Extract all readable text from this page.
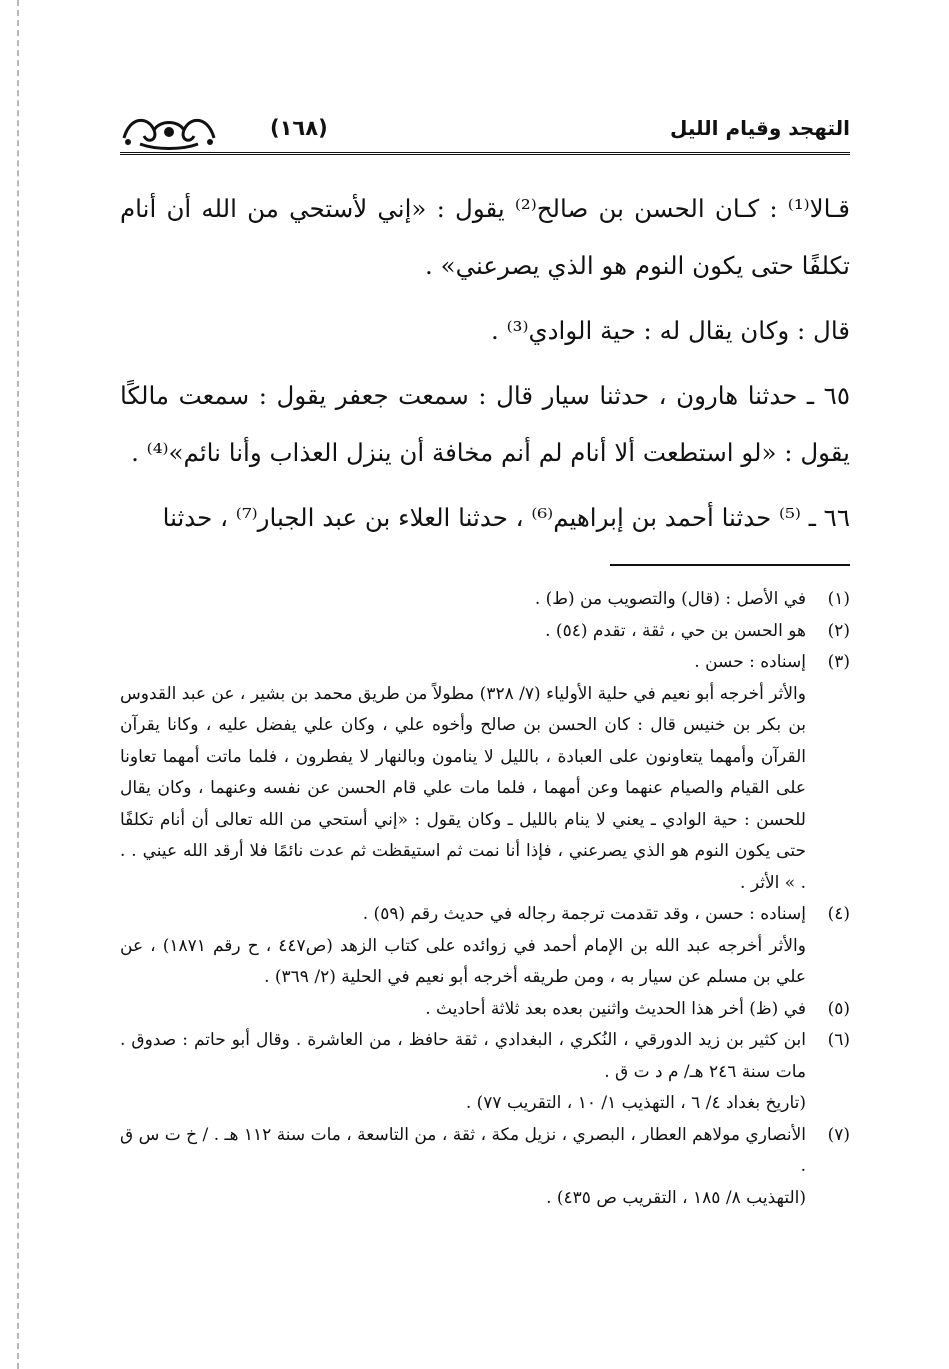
التهجد وقيام الليل
(١٦٨)

قـالا⁽¹⁾ : كـان الحسن بن صالح⁽²⁾ يقول : «إني لأستحي من الله أن أنام تكلفًا حتى يكون النوم هو الذي يصرعني» .

قال : وكان يقال له : حية الوادي⁽³⁾ .

٦٥ ـ حدثنا هارون ، حدثنا سيار قال : سمعت جعفر يقول : سمعت مالكًا يقول : «لو استطعت ألا أنام لم أنم مخافة أن ينزل العذاب وأنا نائم»⁽⁴⁾ .

٦٦ ـ ⁽⁵⁾ حدثنا أحمد بن إبراهيم⁽⁶⁾ ، حدثنا العلاء بن عبد الجبار⁽⁷⁾ ، حدثنا

(١)

في الأصل : (قال) والتصويب من (ط) .

(٢)

هو الحسن بن حي ، ثقة ، تقدم (٥٤) .

(٣)

إسناده : حسن .

والأثر أخرجه أبو نعيم في حلية الأولياء (٧/ ٣٢٨) مطولاً من طريق محمد بن بشير ، عن عبد القدوس بن بكر بن خنيس قال : كان الحسن بن صالح وأخوه علي ، وكان علي يفضل عليه ، وكانا يقرآن القرآن وأمهما يتعاونون على العبادة ، بالليل لا ينامون وبالنهار لا يفطرون ، فلما ماتت أمهما تعاونا على القيام والصيام عنهما وعن أمهما ، فلما مات علي قام الحسن عن نفسه وعنهما ، وكان يقال للحسن : حية الوادي ـ يعني لا ينام بالليل ـ وكان يقول : «إني أستحي من الله تعالى أن أنام تكلفًا حتى يكون النوم هو الذي يصرعني ، فإذا أنا نمت ثم استيقظت ثم عدت نائمًا فلا أرقد الله عيني . . . » الأثر .

(٤)

إسناده : حسن ، وقد تقدمت ترجمة رجاله في حديث رقم (٥٩) .

والأثر أخرجه عبد الله بن الإمام أحمد في زوائده على كتاب الزهد (ص٤٤٧ ، ح رقم ١٨٧١) ، عن علي بن مسلم عن سيار به ، ومن طريقه أخرجه أبو نعيم في الحلية (٢/ ٣٦٩) .

(٥)

في (ظ) أخر هذا الحديث واثنين بعده بعد ثلاثة أحاديث .

(٦)

ابن كثير بن زيد الدورقي ، النُكري ، البغدادي ، ثقة حافظ ، من العاشرة . وقال أبو حاتم : صدوق . مات سنة ٢٤٦ هـ/ م د ت ق .

(تاريخ بغداد ٤/ ٦ ، التهذيب ١/ ١٠ ، التقريب ٧٧) .

(٧)

الأنصاري مولاهم العطار ، البصري ، نزيل مكة ، ثقة ، من التاسعة ، مات سنة ١١٢ هـ . / خ ت س ق .

(التهذيب ٨/ ١٨٥ ، التقريب ص ٤٣٥) .
